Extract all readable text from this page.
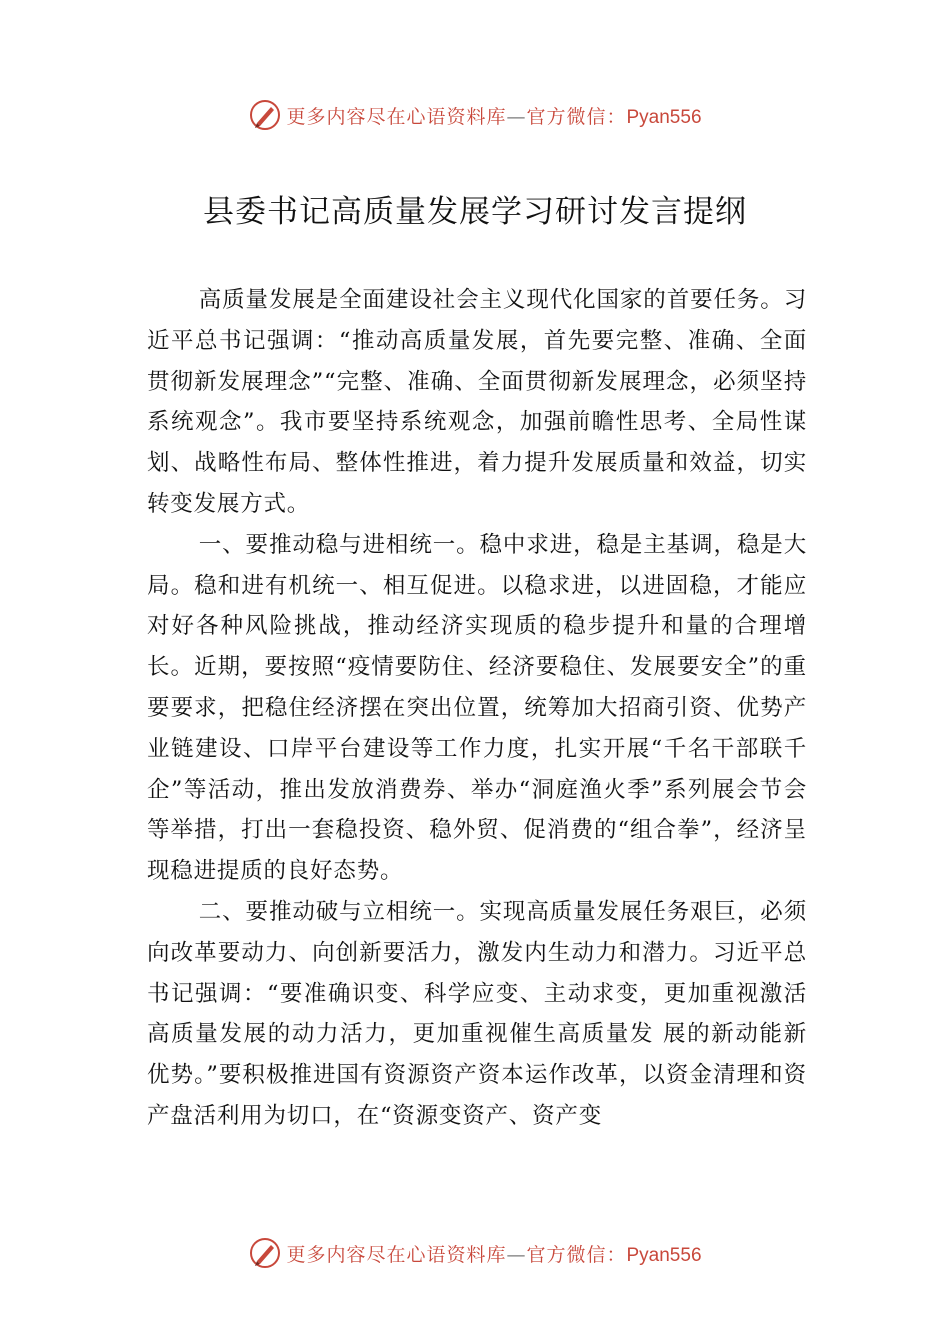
更多内容尽在心语资料库—官方微信：Pyan556
县委书记高质量发展学习研讨发言提纲

高质量发展是全面建设社会主义现代化国家的首要任务。习近平总书记强调：“推动高质量发展，首先要完整、准确、全面贯彻新发展理念”“完整、准确、全面贯彻新发展理念，必须坚持系统观念”。我市要坚持系统观念，加强前瞻性思考、全局性谋划、战略性布局、整体性推进，着力提升发展质量和效益，切实转变发展方式。

一、要推动稳与进相统一。稳中求进，稳是主基调，稳是大局。稳和进有机统一、相互促进。以稳求进，以进固稳，才能应对好各种风险挑战，推动经济实现质的稳步提升和量的合理增长。近期，要按照“疫情要防住、经济要稳住、发展要安全”的重要要求，把稳住经济摆在突出位置，统筹加大招商引资、优势产业链建设、口岸平台建设等工作力度，扎实开展“千名干部联千企”等活动，推出发放消费券、举办“洞庭渔火季”系列展会节会等举措，打出一套稳投资、稳外贸、促消费的“组合拳”，经济呈现稳进提质的良好态势。

二、要推动破与立相统一。实现高质量发展任务艰巨，必须向改革要动力、向创新要活力，激发内生动力和潜力。习近平总书记强调：“要准确识变、科学应变、主动求变，更加重视激活高质量发展的动力活力，更加重视催生高质量发 展的新动能新优势。”要积极推进国有资源资产资本运作改革，以资金清理和资产盘活利用为切口，在“资源变资产、资产变

更多内容尽在心语资料库—官方微信：Pyan556
